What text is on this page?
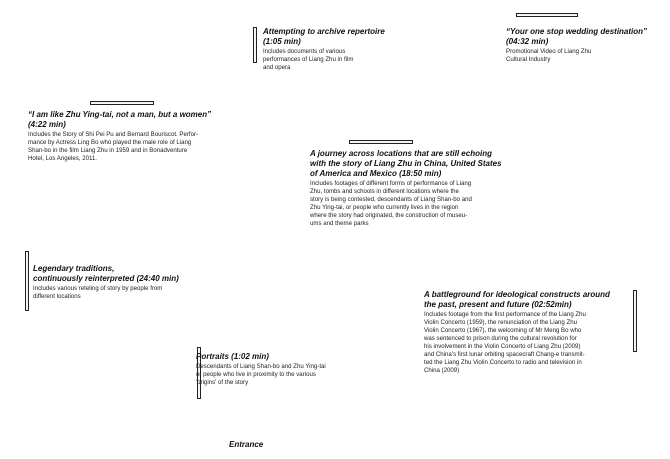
Attempting to archive repertoire
(1:05 min)
Includes documents of various
performances of Liang Zhu in film
and opera
“Your one stop wedding destination”
(04:32 min)
Promotional Video of Liang Zhu
Cultural Industry
“I am like Zhu Ying-tai, not a man, but a women”
(4:22 min)
Includes the Story of Shi Pei Pu and Bernard Bouriscot. Perfor-
mance by Actress Ling Bo who played the male role of Liang
Shan-bo in the film Liang Zhu in 1959 and in Bonadventure
Hotel, Los Angeles, 2011.
A journey across locations that are still echoing
with the story of Liang Zhu in China, United States
of America and Mexico (18:50 min)
Includes footages of different forms of performance of Liang
Zhu, tombs and schools in different locations where the
story is being contested, descendants of Liang Shan-bo and
Zhu Ying-tai, or people who currently lives in the region
where the story had originated, the construction of museu-
ums and theme parks
Legendary traditions,
continuously reinterpreted (24:40 min)
Includes various reteling of story by people from
different locations	A battleground for ideological constructs around
the past, present and future (02:52min)
Includes footage from the first performance of the Liang Zhu
Violin Concerto (1959), the renunciation of the Liang Zhu
Violin Concerto (1967), the welcoming of Mr Meng Bo who
was sentenced to prison during the cultural revolution for
his involvement in the Violin Concerto of Liang Zhu (2009)
and China's first lunar orbiting spacecraft Chang-e transmit-
ted the Liang Zhu Violin Concerto to radio and television in
China (2009)
Portraits (1:02 min)
Descendants of Liang Shan-bo and Zhu Ying-tai
or people who live in proximity to the various
'origins' of the story
Entrance
